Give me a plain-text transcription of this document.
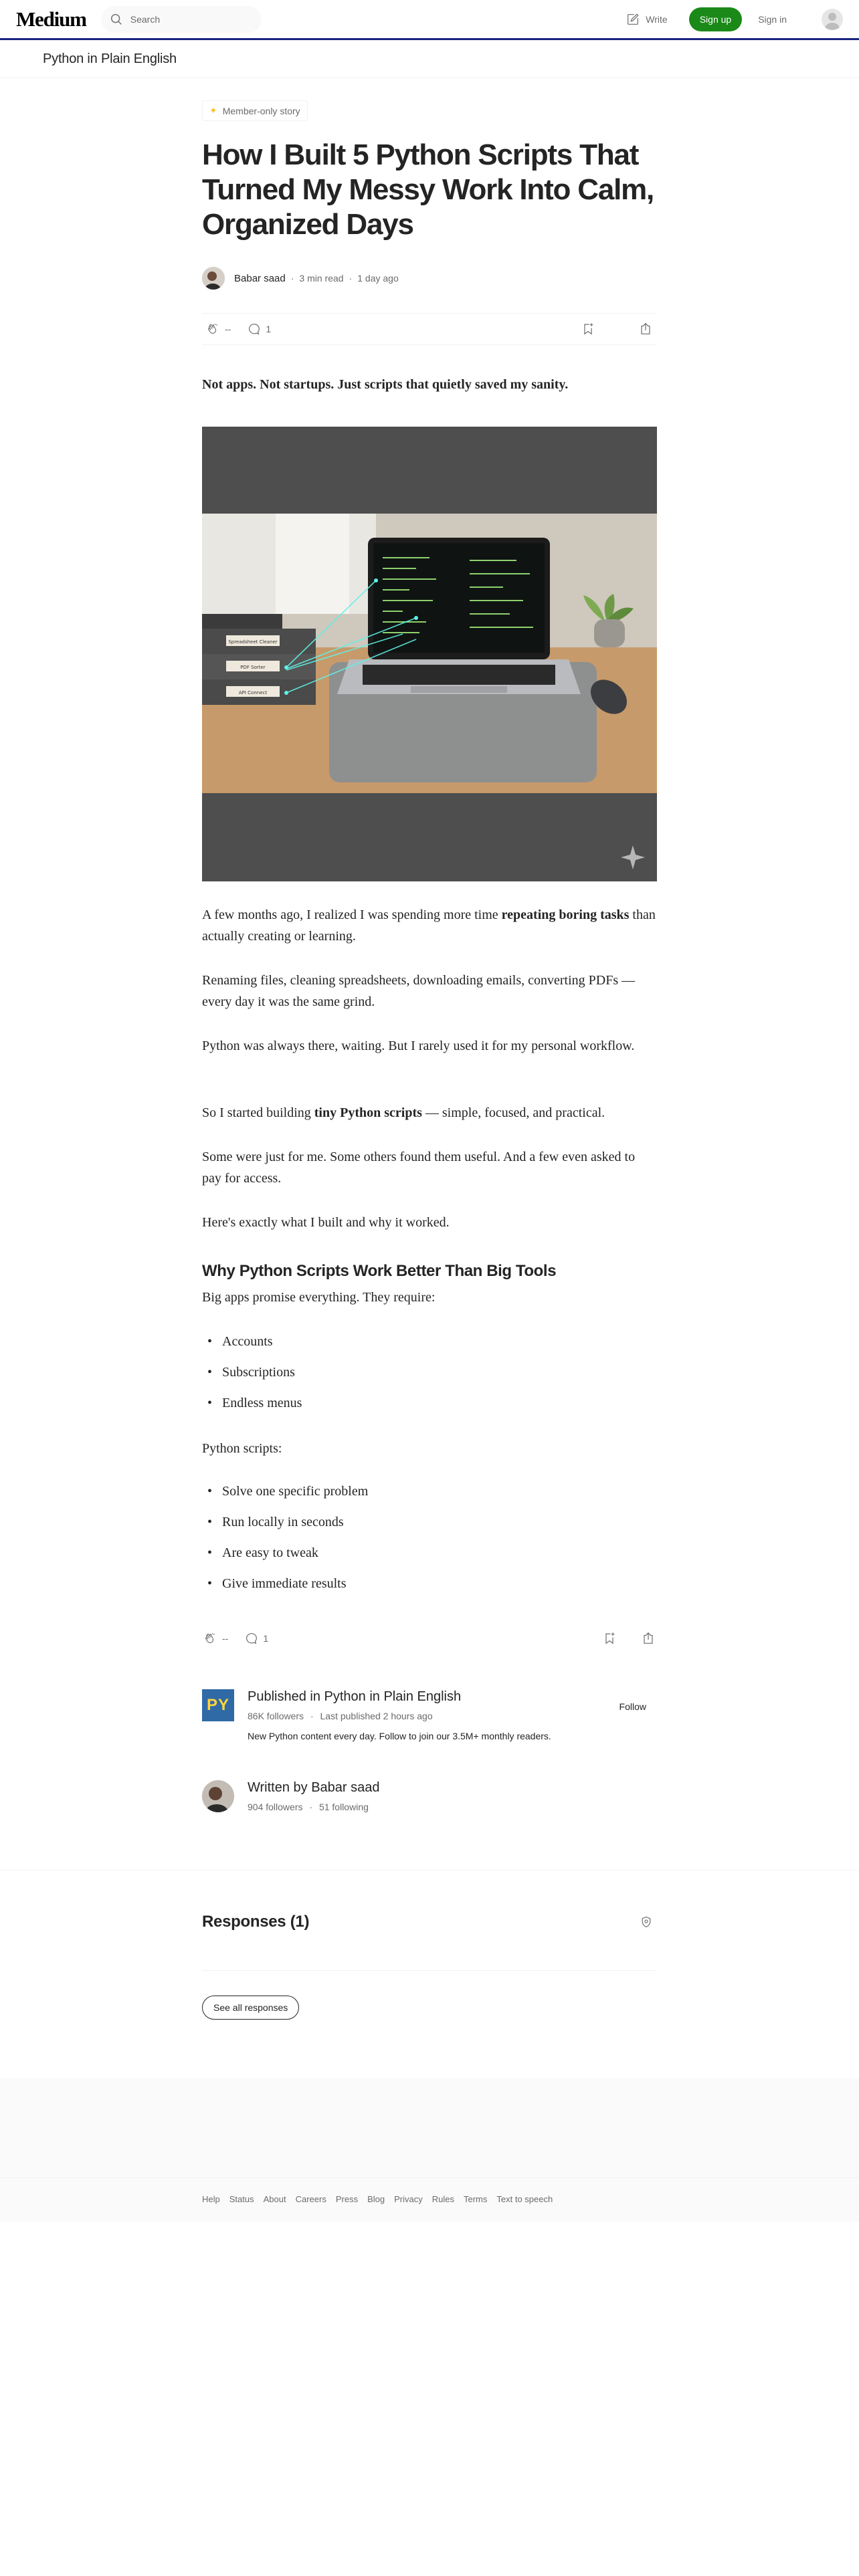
Medium	Search	Write	Sign up	Sign in
Python in Plain English
✦ Member-only story
How I Built 5 Python Scripts That Turned My Messy Work Into Calm, Organized Days
Babar saad · 3 min read · 1 day ago
--	1

Not apps. Not startups. Just scripts that quietly saved my sanity.

Spreadsheet Cleaner
PDF Sorter
API Connect

A few months ago, I realized I was spending more time repeating boring tasks than actually creating or learning.

Renaming files, cleaning spreadsheets, downloading emails, converting PDFs — every day it was the same grind.

Python was always there, waiting. But I rarely used it for my personal workflow.

So I started building tiny Python scripts — simple, focused, and practical.

Some were just for me. Some others found them useful. And a few even asked to pay for access.

Here's exactly what I built and why it worked.

Why Python Scripts Work Better Than Big Tools

Big apps promise everything. They require:

• Accounts
• Subscriptions
• Endless menus

Python scripts:

• Solve one specific problem
• Run locally in seconds
• Are easy to tweak
• Give immediate results
--	1
PY	Published in Python in Plain English
86K followers · Last published 2 hours ago
New Python content every day. Follow to join our 3.5M+ monthly readers.
Follow
Written by Babar saad
904 followers · 51 following
Responses (1)
See all responses
Help Status About Careers Press Blog Privacy Rules Terms Text to speech
